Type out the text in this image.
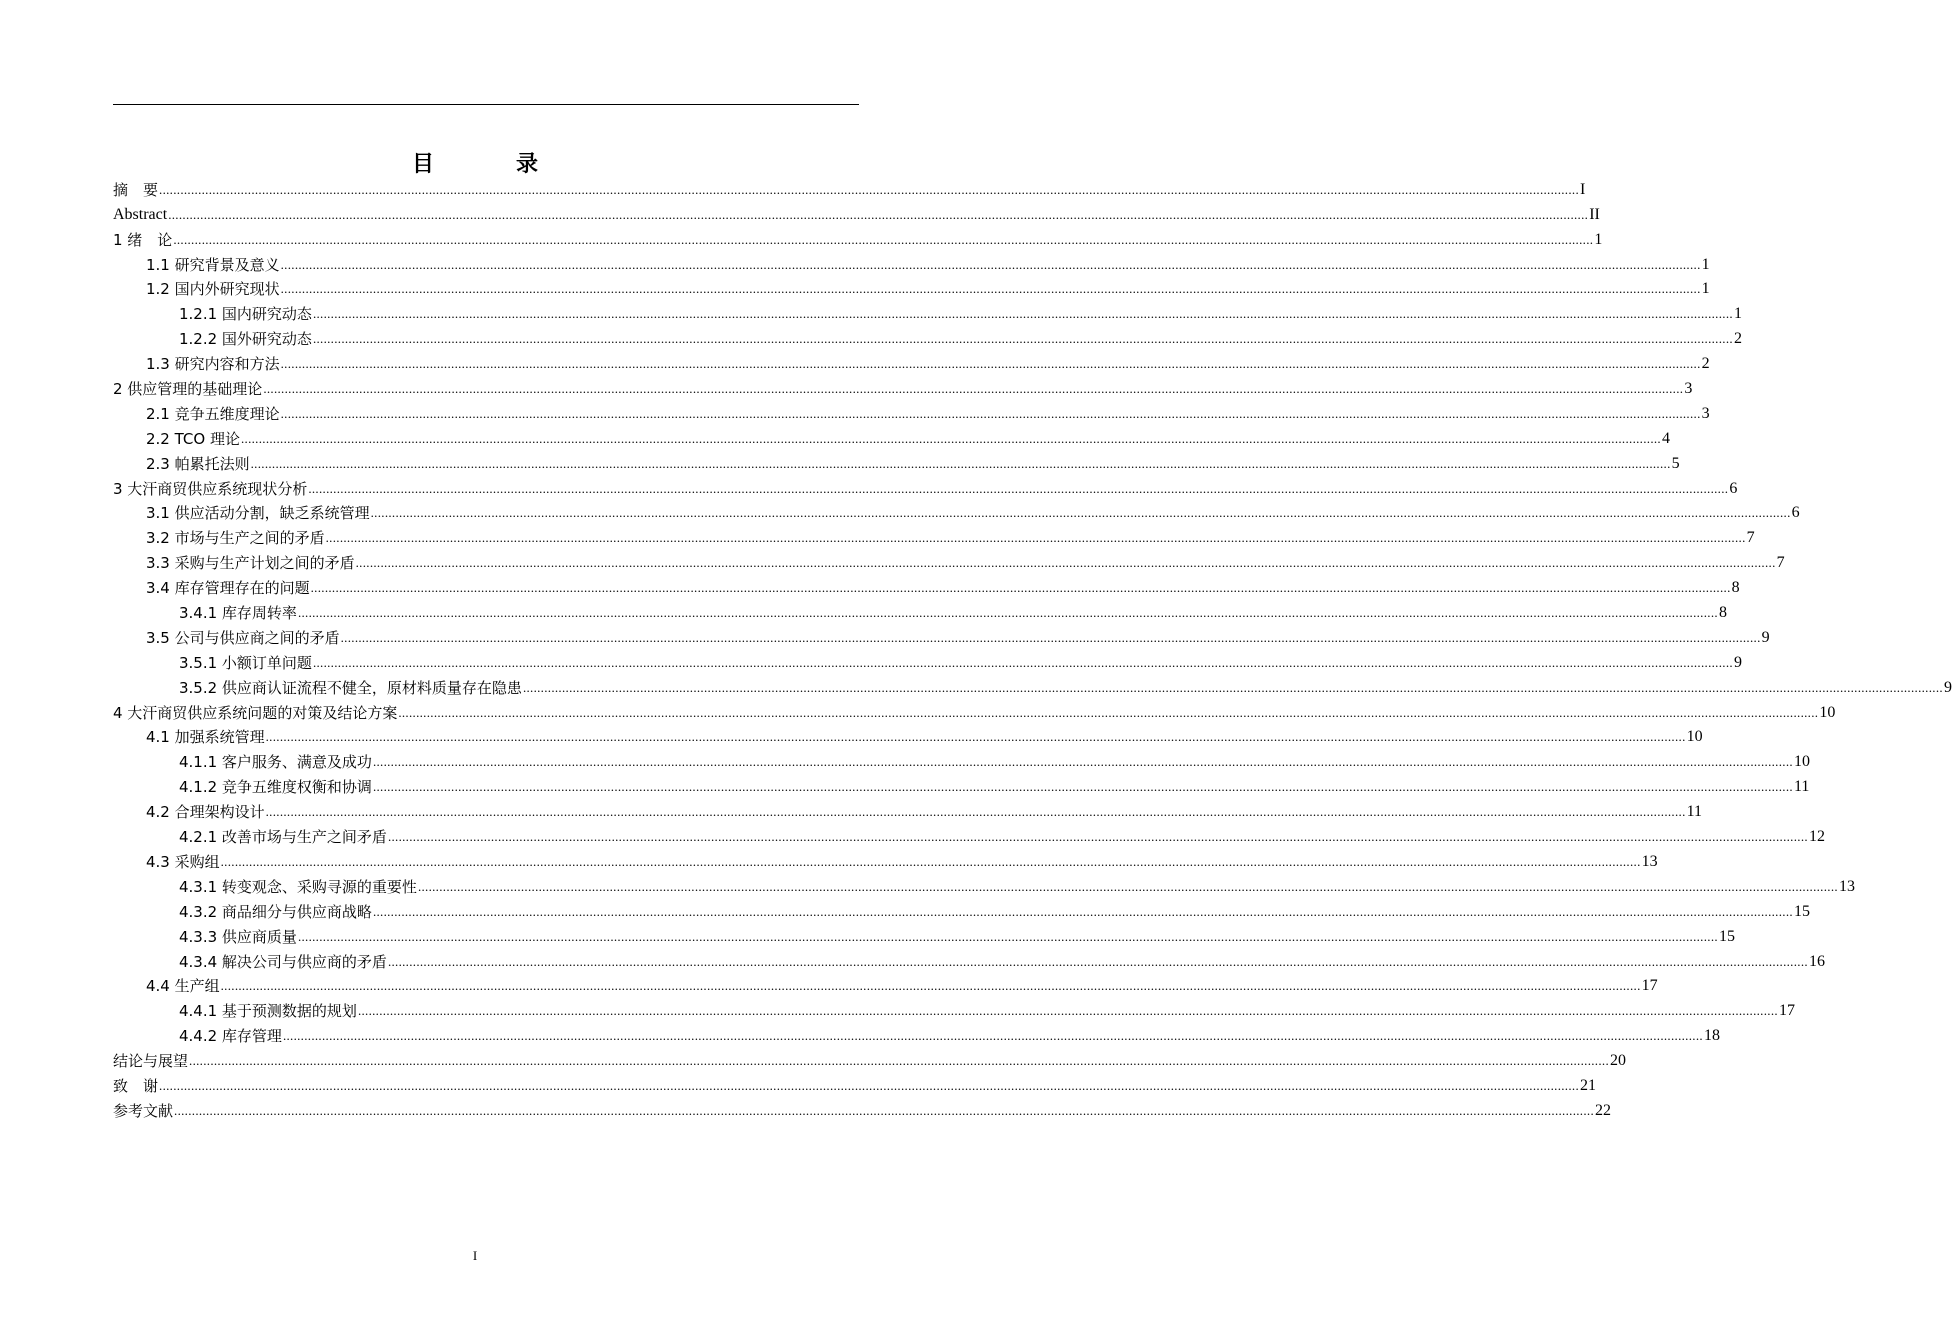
目　录
摘　要 ................................................................................................................................................................................................................................................................................................................................................................................................................ I
Abstract ................................................................................................................................................................................................................................................................................................................................................................................................................ II
1 绪　论 ................................................................................................................................................................................................................................................................................................................................................................................................................ 1
1.1 研究背景及意义 ................................................................................................................................................................................................................................................................................................................................................................................................................ 1
1.2 国内外研究现状 ................................................................................................................................................................................................................................................................................................................................................................................................................ 1
1.2.1 国内研究动态 ................................................................................................................................................................................................................................................................................................................................................................................................................ 1
1.2.2 国外研究动态 ................................................................................................................................................................................................................................................................................................................................................................................................................ 2
1.3 研究内容和方法 ................................................................................................................................................................................................................................................................................................................................................................................................................ 2
2 供应管理的基础理论 ................................................................................................................................................................................................................................................................................................................................................................................................................ 3
2.1 竞争五维度理论 ................................................................................................................................................................................................................................................................................................................................................................................................................ 3
2.2 TCO 理论 ................................................................................................................................................................................................................................................................................................................................................................................................................ 4
2.3 帕累托法则 ................................................................................................................................................................................................................................................................................................................................................................................................................ 5
3 大汗商贸供应系统现状分析 ................................................................................................................................................................................................................................................................................................................................................................................................................ 6
3.1 供应活动分割，缺乏系统管理 ................................................................................................................................................................................................................................................................................................................................................................................................................ 6
3.2 市场与生产之间的矛盾 ................................................................................................................................................................................................................................................................................................................................................................................................................ 7
3.3 采购与生产计划之间的矛盾 ................................................................................................................................................................................................................................................................................................................................................................................................................ 7
3.4 库存管理存在的问题 ................................................................................................................................................................................................................................................................................................................................................................................................................ 8
3.4.1 库存周转率 ................................................................................................................................................................................................................................................................................................................................................................................................................ 8
3.5 公司与供应商之间的矛盾 ................................................................................................................................................................................................................................................................................................................................................................................................................ 9
3.5.1 小额订单问题 ................................................................................................................................................................................................................................................................................................................................................................................................................ 9
3.5.2 供应商认证流程不健全，原材料质量存在隐患 ................................................................................................................................................................................................................................................................................................................................................................................................................ 9
4 大汗商贸供应系统问题的对策及结论方案 ................................................................................................................................................................................................................................................................................................................................................................................................................ 10
4.1 加强系统管理 ................................................................................................................................................................................................................................................................................................................................................................................................................ 10
4.1.1 客户服务、满意及成功 ................................................................................................................................................................................................................................................................................................................................................................................................................ 10
4.1.2 竞争五维度权衡和协调 ................................................................................................................................................................................................................................................................................................................................................................................................................ 11
4.2 合理架构设计 ................................................................................................................................................................................................................................................................................................................................................................................................................ 11
4.2.1 改善市场与生产之间矛盾 ................................................................................................................................................................................................................................................................................................................................................................................................................ 12
4.3 采购组 ................................................................................................................................................................................................................................................................................................................................................................................................................ 13
4.3.1 转变观念、采购寻源的重要性 ................................................................................................................................................................................................................................................................................................................................................................................................................ 13
4.3.2 商品细分与供应商战略 ................................................................................................................................................................................................................................................................................................................................................................................................................ 15
4.3.3 供应商质量 ................................................................................................................................................................................................................................................................................................................................................................................................................ 15
4.3.4 解决公司与供应商的矛盾 ................................................................................................................................................................................................................................................................................................................................................................................................................ 16
4.4 生产组 ................................................................................................................................................................................................................................................................................................................................................................................................................ 17
4.4.1 基于预测数据的规划 ................................................................................................................................................................................................................................................................................................................................................................................................................ 17
4.4.2 库存管理 ................................................................................................................................................................................................................................................................................................................................................................................................................ 18
结论与展望 ................................................................................................................................................................................................................................................................................................................................................................................................................ 20
致　谢 ................................................................................................................................................................................................................................................................................................................................................................................................................ 21
参考文献 ................................................................................................................................................................................................................................................................................................................................................................................................................ 22
I
